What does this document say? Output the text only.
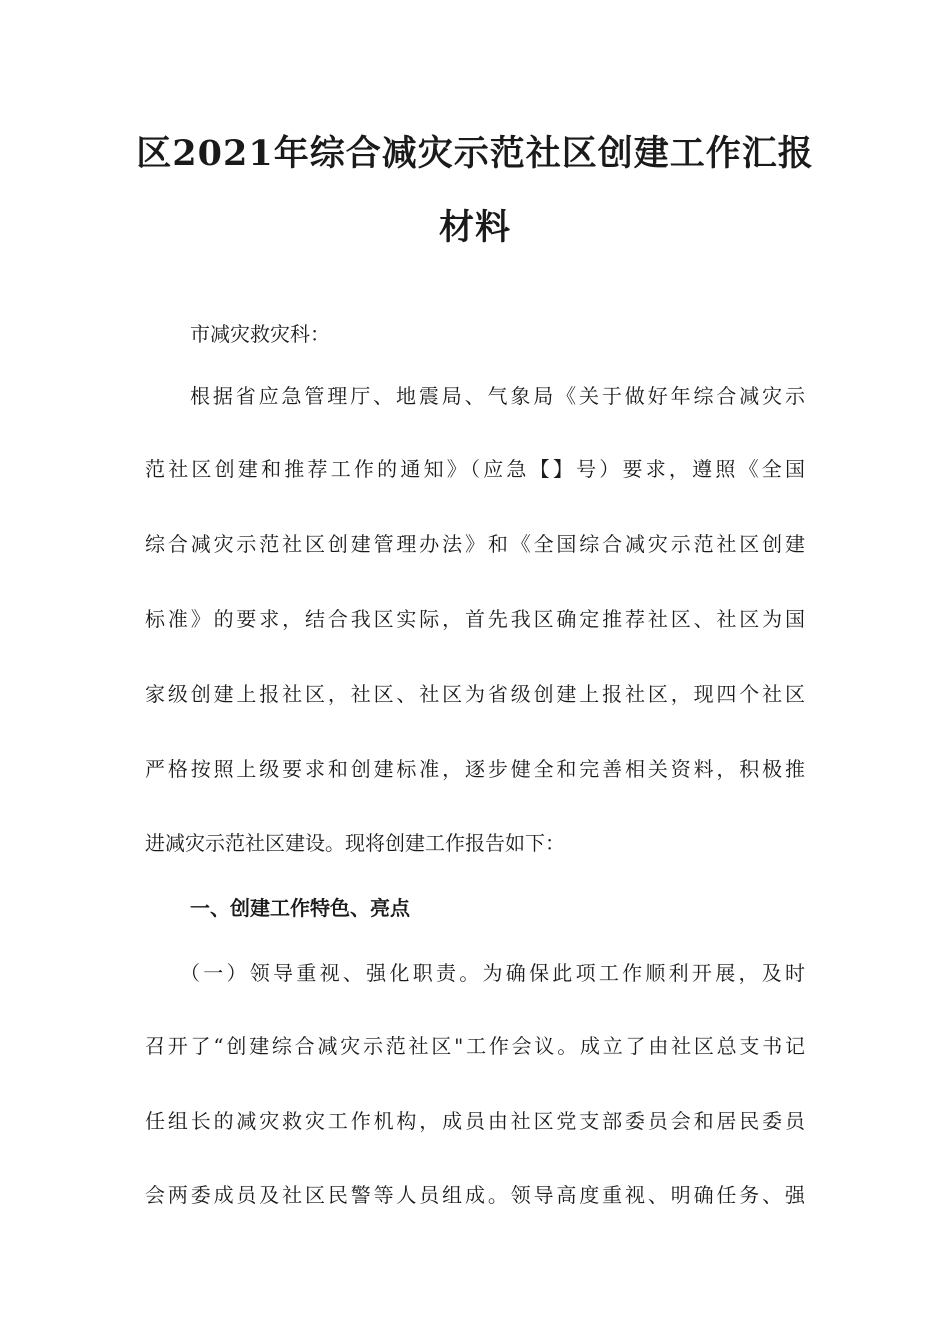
区2021年综合减灾示范社区创建工作汇报
材料

市减灾救灾科：

根据省应急管理厅、地震局、气象局《关于做好年综合减灾示

范社区创建和推荐工作的通知》（应急【】号）要求，遵照《全国

综合减灾示范社区创建管理办法》和《全国综合减灾示范社区创建

标准》的要求，结合我区实际，首先我区确定推荐社区、社区为国

家级创建上报社区，社区、社区为省级创建上报社区，现四个社区

严格按照上级要求和创建标准，逐步健全和完善相关资料，积极推

进减灾示范社区建设。现将创建工作报告如下：

一、创建工作特色、亮点

（一）领导重视、强化职责。为确保此项工作顺利开展，及时

召开了“创建综合减灾示范社区"工作会议。成立了由社区总支书记

任组长的减灾救灾工作机构，成员由社区党支部委员会和居民委员

会两委成员及社区民警等人员组成。领导高度重视、明确任务、强
